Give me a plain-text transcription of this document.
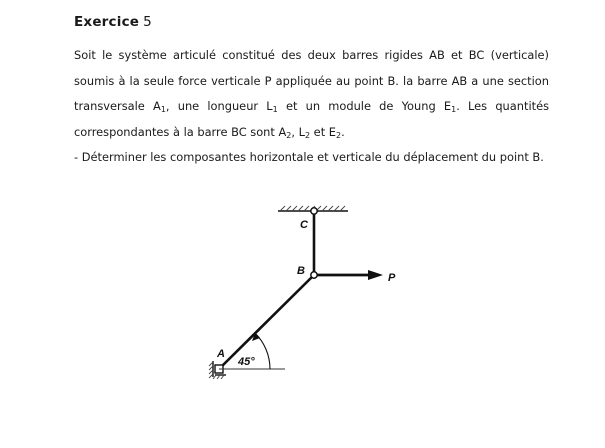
Exercice 5
Soit le système articulé constitué des deux barres rigides AB et BC (verticale) soumis à la seule force verticale P appliquée au point B. la barre AB a une section transversale $A_1$, une longueur $L_1$ et un module de Young $E_1$. Les quantités correspondantes à la barre BC sont $A_2$, $L_2$ et $E_2$.
- Déterminer les composantes horizontale et verticale du déplacement du point B.
C
B
A
P
45°
